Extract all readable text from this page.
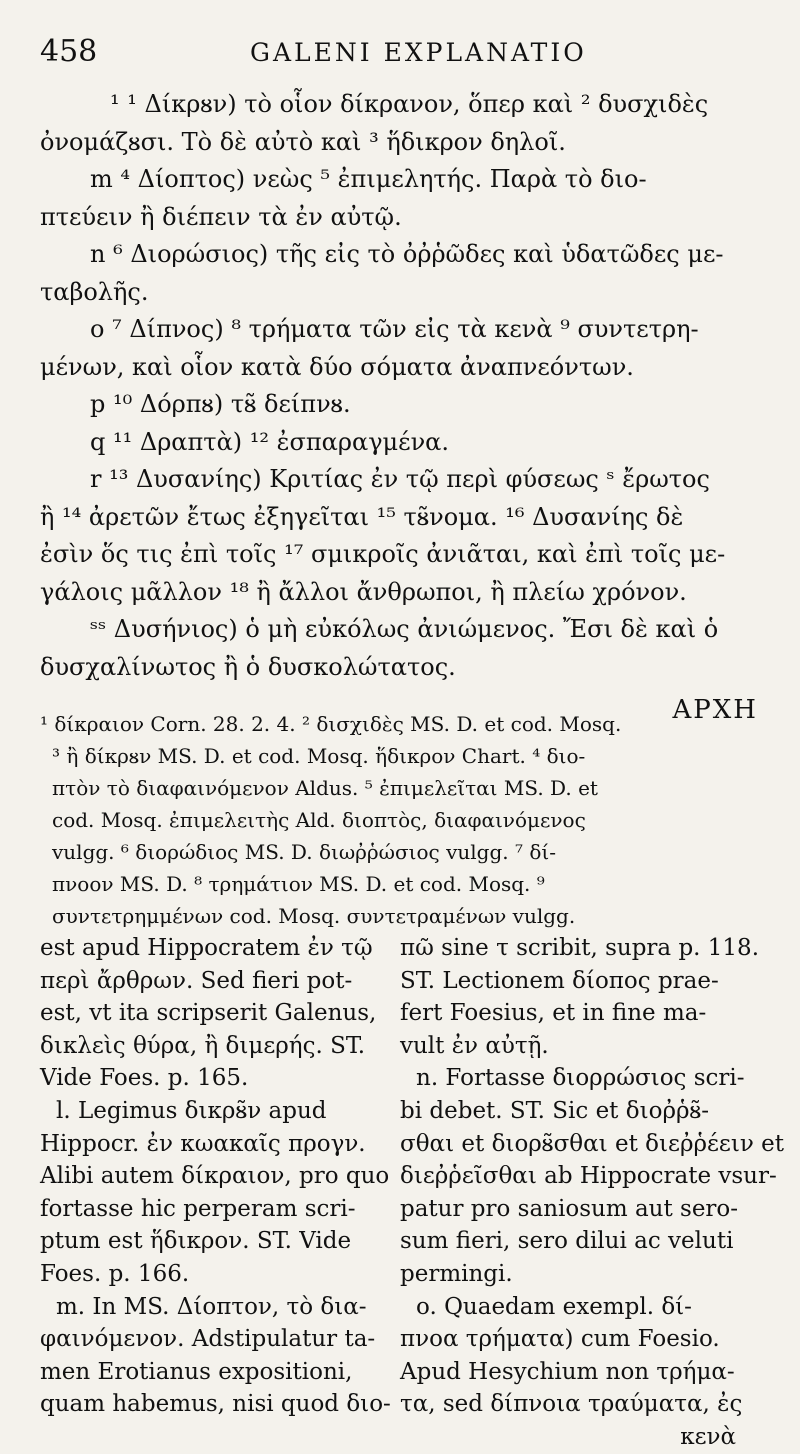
458	GALENI EXPLANATIO
¹ ¹ Δίκρᴕν) τὸ οἷον δίκρανον, ὅπερ καὶ ² δυσχιδὲς
ὀνομάζᴕσι. Τὸ δὲ αὐτὸ καὶ ³ ἥδικρον δηλοῖ.
m ⁴ Δίοπτος) νεὼς ⁵ ἐπιμελητής. Παρὰ τὸ διο-
πτεύειν ἢ διέπειν τὰ ἐν αὐτῷ.
n ⁶ Διορώσιος) τῆς εἰς τὸ ὀῤῥῶδες καὶ ὑδατῶδες με-
ταβολῆς.
o ⁷ Δίπνος) ⁸ τρήματα τῶν εἰς τὰ κενὰ ⁹ συντετρη-
μένων, καὶ οἷον κατὰ δύο σόματα ἀναπνεόντων.
p ¹⁰ Δόρπᴕ) τᴕ̃ δείπνᴕ.
q ¹¹ Δραπτὰ) ¹² ἐσπαραγμένα.
r ¹³ Δυσανίης) Κριτίας ἐν τῷ περὶ φύσεως ˢ ἔρωτος
ἢ ¹⁴ ἀρετῶν ἔτως ἐξηγεῖται ¹⁵ τᴕ̃νομα. ¹⁶ Δυσανίης δὲ
ἐσὶν ὅς τις ἐπὶ τοῖς ¹⁷ σμικροῖς ἀνιᾶται, καὶ ἐπὶ τοῖς με-
γάλοις μᾶλλον ¹⁸ ἢ ἄλλοι ἄνθρωποι, ἢ πλείω χρόνον.
ˢˢ Δυσήνιος) ὁ μὴ εὐκόλως ἀνιώμενος. Ἔσι δὲ καὶ ὁ
δυσχαλίνωτος ἢ ὁ δυσκολώτατος.
ΑΡΧΗ
¹ δίκραιον Corn. 28. 2. 4. ² δισχιδὲς MS. D. et cod. Mosq.
³ ἢ δίκρᴕν MS. D. et cod. Mosq. ἥδικρον Chart. ⁴ διο-
πτὸν τὸ διαφαινόμενον Aldus. ⁵ ἐπιμελεῖται MS. D. et
cod. Mosq. ἐπιμελειτὴς Ald. διοπτὸς, διαφαινόμενος
vulgg. ⁶ διορώδιος MS. D. διωῤῥώσιος vulgg. ⁷ δί-
πνοον MS. D. ⁸ τρημάτιον MS. D. et cod. Mosq. ⁹
συντετρημμένων cod. Mosq. συντετραμένων vulgg.
est apud Hippocratem ἐν τῷ
περὶ ἄρθρων. Sed fieri pot-
est, vt ita scripserit Galenus,
δικλεὶς θύρα, ἢ διμερής. ST.
Vide Foes. p. 165.
l. Legimus δικρᴕ̃ν apud
Hippocr. ἐν κωακαῖς προγν.
Alibi autem δίκραιον, pro quo
fortasse hic perperam scri-
ptum est ἥδικρον. ST. Vide
Foes. p. 166.
m. In MS. Δίοπτον, τὸ δια-
φαινόμενον. Adstipulatur ta-
men Erotianus expositioni,
quam habemus, nisi quod διο-
πῶ sine τ scribit, supra p. 118.
ST. Lectionem δίοπος prae-
fert Foesius, et in fine ma-
vult ἐν αὐτῇ.
n. Fortasse διορρώσιος scri-
bi debet. ST. Sic et διοῤῥᴕ̃-
σθαι et διορᴕ̃σθαι et διεῤῥέειν et
διεῤῥεῖσθαι ab Hippocrate vsur-
patur pro saniosum aut sero-
sum fieri, sero dilui ac veluti
permingi.
o. Quaedam exempl. δί-
πνοα τρήματα) cum Foesio.
Apud Hesychium non τρήμα-
τα, sed δίπνοια τραύματα, ἐς
κενὰ
